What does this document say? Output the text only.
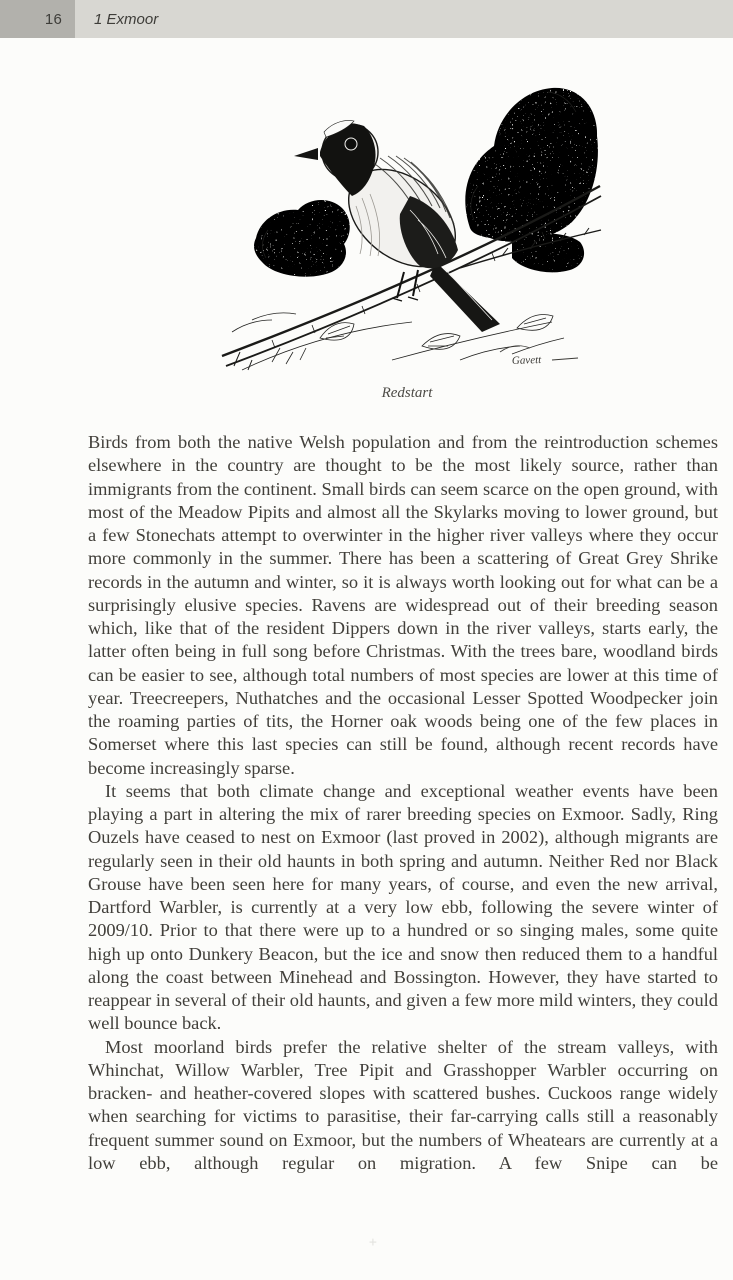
16 1 Exmoor
Gavett
Redstart

Birds from both the native Welsh population and from the reintroduction schemes elsewhere in the country are thought to be the most likely source, rather than immigrants from the continent. Small birds can seem scarce on the open ground, with most of the Meadow Pipits and almost all the Skylarks moving to lower ground, but a few Stonechats attempt to overwinter in the higher river valleys where they occur more commonly in the summer. There has been a scattering of Great Grey Shrike records in the autumn and winter, so it is always worth looking out for what can be a surprisingly elusive species. Ravens are widespread out of their breeding season which, like that of the resident Dippers down in the river valleys, starts early, the latter often being in full song before Christmas. With the trees bare, woodland birds can be easier to see, although total numbers of most species are lower at this time of year. Treecreepers, Nuthatches and the occasional Lesser Spotted Woodpecker join the roaming parties of tits, the Horner oak woods being one of the few places in Somerset where this last species can still be found, although recent records have become increasingly sparse.

It seems that both climate change and exceptional weather events have been playing a part in altering the mix of rarer breeding species on Exmoor. Sadly, Ring Ouzels have ceased to nest on Exmoor (last proved in 2002), although migrants are regularly seen in their old haunts in both spring and autumn. Neither Red nor Black Grouse have been seen here for many years, of course, and even the new arrival, Dartford Warbler, is currently at a very low ebb, following the severe winter of 2009/10. Prior to that there were up to a hundred or so singing males, some quite high up onto Dunkery Beacon, but the ice and snow then reduced them to a handful along the coast between Minehead and Bossington. However, they have started to reappear in several of their old haunts, and given a few more mild winters, they could well bounce back.

Most moorland birds prefer the relative shelter of the stream valleys, with Whinchat, Willow Warbler, Tree Pipit and Grasshopper Warbler occurring on bracken- and heather-covered slopes with scattered bushes. Cuckoos range widely when searching for victims to parasitise, their far-carrying calls still a reasonably frequent summer sound on Exmoor, but the numbers of Wheatears are currently at a low ebb, although regular on migration. A few Snipe can be

+
